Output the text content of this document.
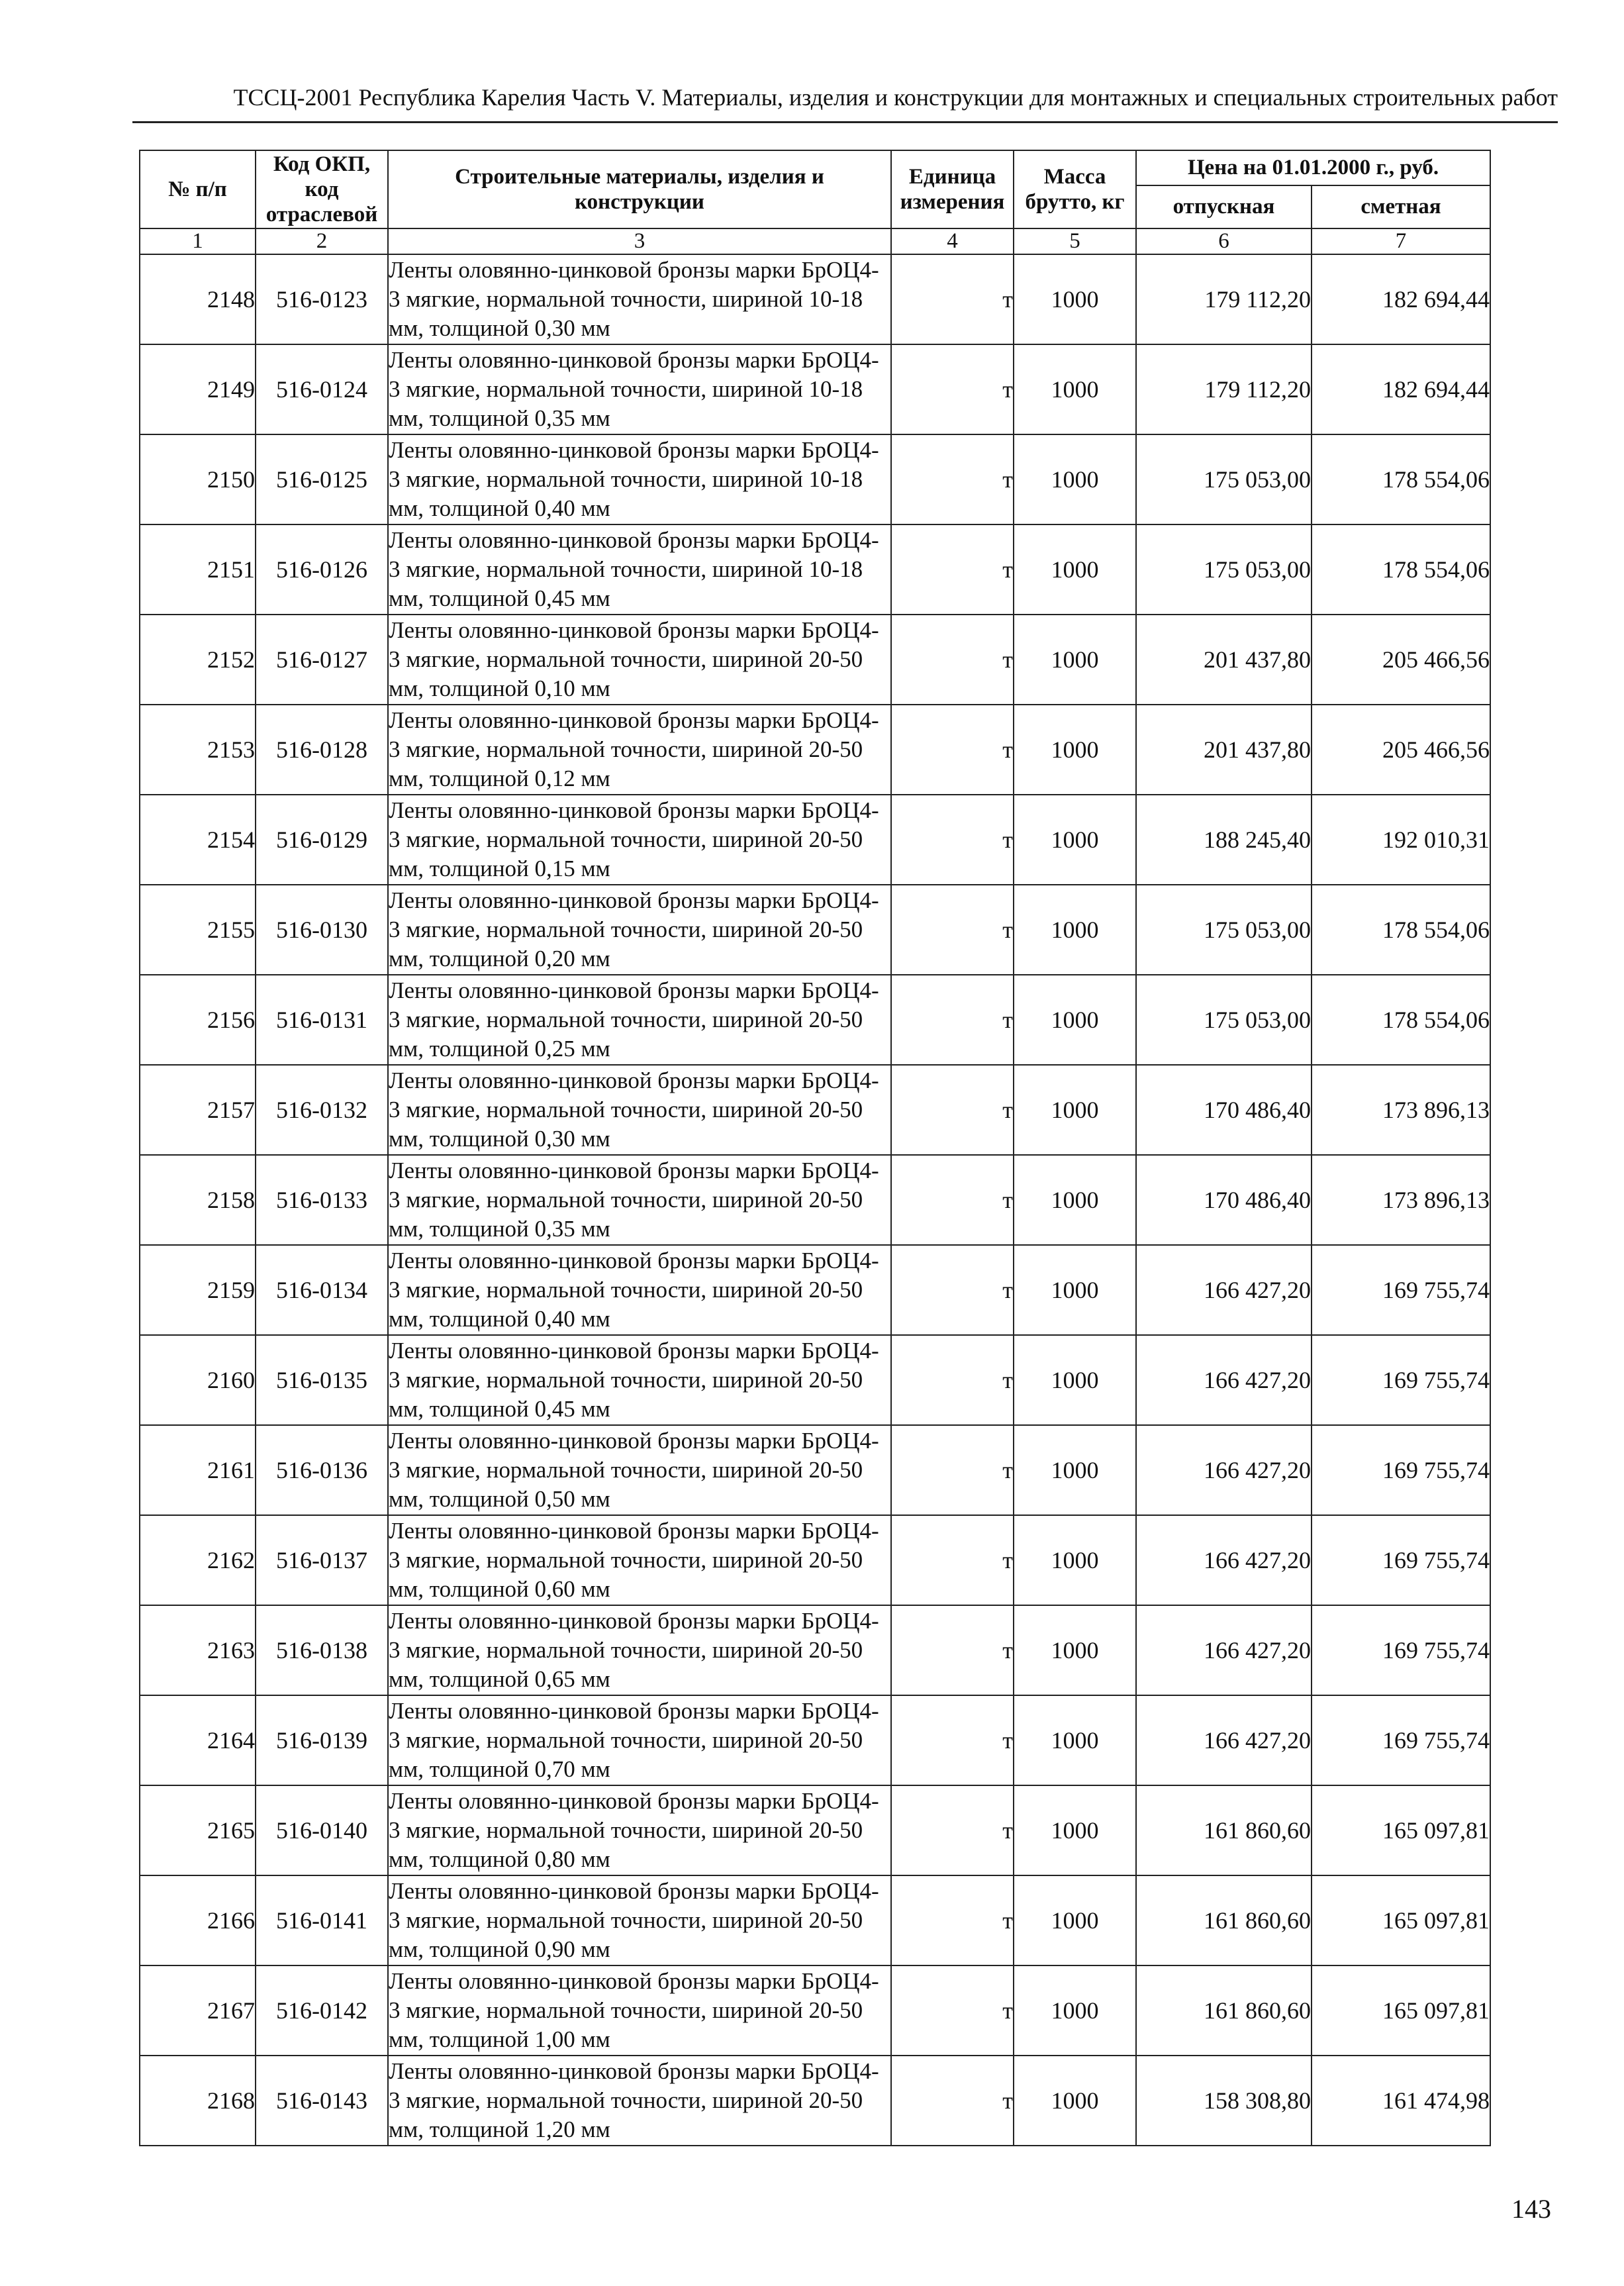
ТССЦ-2001 Республика Карелия Часть V. Материалы, изделия и конструкции для монтажных и специальных строительных работ
№ п/п	Код ОКП, код отраслевой	Строительные материалы, изделия и конструкции	Единица измерения	Масса брутто, кг	Цена на 01.01.2000 г., руб.	
					отпускная	сметная
1	2	3	4	5	6	7
2148	516-0123	Ленты оловянно-цинковой бронзы марки БрОЦ4-3 мягкие, нормальной точности, шириной 10-18 мм, толщиной 0,30 мм	т	1000	179 112,20	182 694,44
2149	516-0124	Ленты оловянно-цинковой бронзы марки БрОЦ4-3 мягкие, нормальной точности, шириной 10-18 мм, толщиной 0,35 мм	т	1000	179 112,20	182 694,44
2150	516-0125	Ленты оловянно-цинковой бронзы марки БрОЦ4-3 мягкие, нормальной точности, шириной 10-18 мм, толщиной 0,40 мм	т	1000	175 053,00	178 554,06
2151	516-0126	Ленты оловянно-цинковой бронзы марки БрОЦ4-3 мягкие, нормальной точности, шириной 10-18 мм, толщиной 0,45 мм	т	1000	175 053,00	178 554,06
2152	516-0127	Ленты оловянно-цинковой бронзы марки БрОЦ4-3 мягкие, нормальной точности, шириной 20-50 мм, толщиной 0,10 мм	т	1000	201 437,80	205 466,56
2153	516-0128	Ленты оловянно-цинковой бронзы марки БрОЦ4-3 мягкие, нормальной точности, шириной 20-50 мм, толщиной 0,12 мм	т	1000	201 437,80	205 466,56
2154	516-0129	Ленты оловянно-цинковой бронзы марки БрОЦ4-3 мягкие, нормальной точности, шириной 20-50 мм, толщиной 0,15 мм	т	1000	188 245,40	192 010,31
2155	516-0130	Ленты оловянно-цинковой бронзы марки БрОЦ4-3 мягкие, нормальной точности, шириной 20-50 мм, толщиной 0,20 мм	т	1000	175 053,00	178 554,06
2156	516-0131	Ленты оловянно-цинковой бронзы марки БрОЦ4-3 мягкие, нормальной точности, шириной 20-50 мм, толщиной 0,25 мм	т	1000	175 053,00	178 554,06
2157	516-0132	Ленты оловянно-цинковой бронзы марки БрОЦ4-3 мягкие, нормальной точности, шириной 20-50 мм, толщиной 0,30 мм	т	1000	170 486,40	173 896,13
2158	516-0133	Ленты оловянно-цинковой бронзы марки БрОЦ4-3 мягкие, нормальной точности, шириной 20-50 мм, толщиной 0,35 мм	т	1000	170 486,40	173 896,13
2159	516-0134	Ленты оловянно-цинковой бронзы марки БрОЦ4-3 мягкие, нормальной точности, шириной 20-50 мм, толщиной 0,40 мм	т	1000	166 427,20	169 755,74
2160	516-0135	Ленты оловянно-цинковой бронзы марки БрОЦ4-3 мягкие, нормальной точности, шириной 20-50 мм, толщиной 0,45 мм	т	1000	166 427,20	169 755,74
2161	516-0136	Ленты оловянно-цинковой бронзы марки БрОЦ4-3 мягкие, нормальной точности, шириной 20-50 мм, толщиной 0,50 мм	т	1000	166 427,20	169 755,74
2162	516-0137	Ленты оловянно-цинковой бронзы марки БрОЦ4-3 мягкие, нормальной точности, шириной 20-50 мм, толщиной 0,60 мм	т	1000	166 427,20	169 755,74
2163	516-0138	Ленты оловянно-цинковой бронзы марки БрОЦ4-3 мягкие, нормальной точности, шириной 20-50 мм, толщиной 0,65 мм	т	1000	166 427,20	169 755,74
2164	516-0139	Ленты оловянно-цинковой бронзы марки БрОЦ4-3 мягкие, нормальной точности, шириной 20-50 мм, толщиной 0,70 мм	т	1000	166 427,20	169 755,74
2165	516-0140	Ленты оловянно-цинковой бронзы марки БрОЦ4-3 мягкие, нормальной точности, шириной 20-50 мм, толщиной 0,80 мм	т	1000	161 860,60	165 097,81
2166	516-0141	Ленты оловянно-цинковой бронзы марки БрОЦ4-3 мягкие, нормальной точности, шириной 20-50 мм, толщиной 0,90 мм	т	1000	161 860,60	165 097,81
2167	516-0142	Ленты оловянно-цинковой бронзы марки БрОЦ4-3 мягкие, нормальной точности, шириной 20-50 мм, толщиной 1,00 мм	т	1000	161 860,60	165 097,81
2168	516-0143	Ленты оловянно-цинковой бронзы марки БрОЦ4-3 мягкие, нормальной точности, шириной 20-50 мм, толщиной 1,20 мм	т	1000	158 308,80	161 474,98
143
